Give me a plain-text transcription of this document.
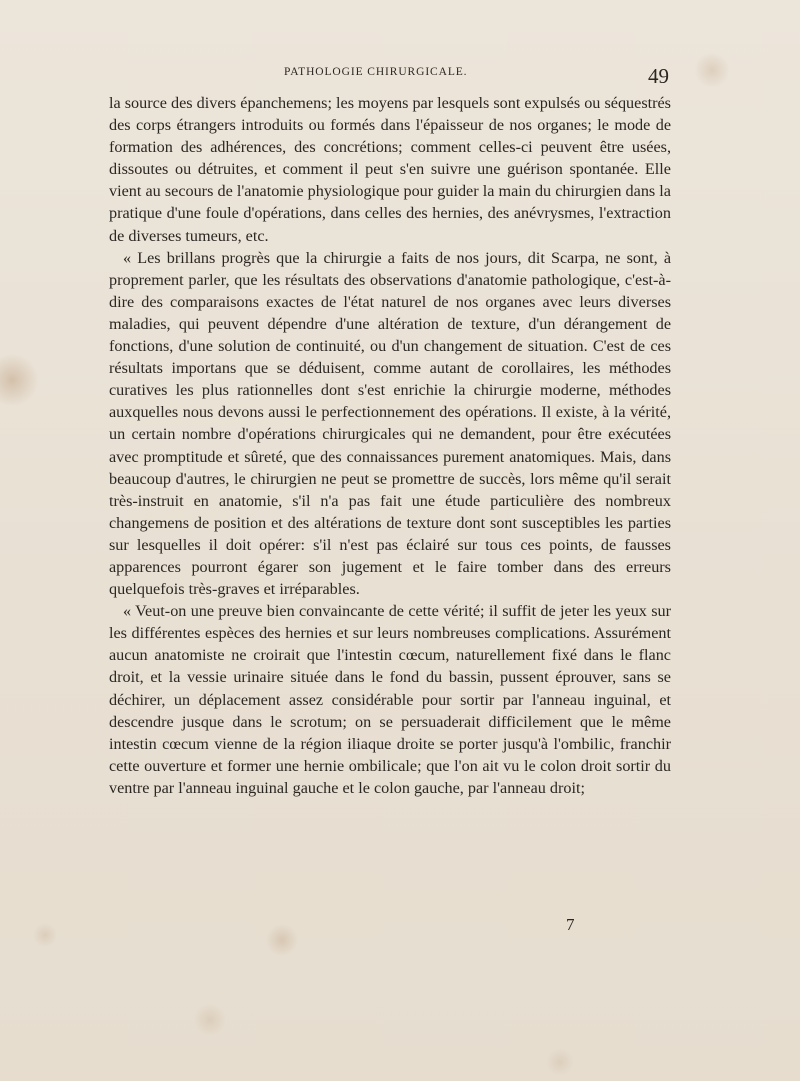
PATHOLOGIE CHIRURGICALE.	49

la source des divers épanchemens; les moyens par lesquels sont expulsés ou séquestrés des corps étrangers introduits ou formés dans l'épaisseur de nos organes; le mode de formation des adhérences, des concrétions; comment celles-ci peuvent être usées, dissoutes ou détruites, et comment il peut s'en suivre une guérison spontanée. Elle vient au secours de l'anatomie physiologique pour guider la main du chirurgien dans la pratique d'une foule d'opérations, dans celles des hernies, des anévrysmes, l'extraction de diverses tumeurs, etc.

« Les brillans progrès que la chirurgie a faits de nos jours, dit Scarpa, ne sont, à proprement parler, que les résultats des observations d'anatomie pathologique, c'est-à-dire des comparaisons exactes de l'état naturel de nos organes avec leurs diverses maladies, qui peuvent dépendre d'une altération de texture, d'un dérangement de fonctions, d'une solution de continuité, ou d'un changement de situation. C'est de ces résultats importans que se déduisent, comme autant de corollaires, les méthodes curatives les plus rationnelles dont s'est enrichie la chirurgie moderne, méthodes auxquelles nous devons aussi le perfectionnement des opérations. Il existe, à la vérité, un certain nombre d'opérations chirurgicales qui ne demandent, pour être exécutées avec promptitude et sûreté, que des connaissances purement anatomiques. Mais, dans beaucoup d'autres, le chirurgien ne peut se promettre de succès, lors même qu'il serait très-instruit en anatomie, s'il n'a pas fait une étude particulière des nombreux changemens de position et des altérations de texture dont sont susceptibles les parties sur lesquelles il doit opérer: s'il n'est pas éclairé sur tous ces points, de fausses apparences pourront égarer son jugement et le faire tomber dans des erreurs quelquefois très-graves et irréparables.

« Veut-on une preuve bien convaincante de cette vérité; il suffit de jeter les yeux sur les différentes espèces des hernies et sur leurs nombreuses complications. Assurément aucun anatomiste ne croirait que l'intestin cœcum, naturellement fixé dans le flanc droit, et la vessie urinaire située dans le fond du bassin, pussent éprouver, sans se déchirer, un déplacement assez considérable pour sortir par l'anneau inguinal, et descendre jusque dans le scrotum; on se persuaderait difficilement que le même intestin cœcum vienne de la région iliaque droite se porter jusqu'à l'ombilic, franchir cette ouverture et former une hernie ombilicale; que l'on ait vu le colon droit sortir du ventre par l'anneau inguinal gauche et le colon gauche, par l'anneau droit;

7
